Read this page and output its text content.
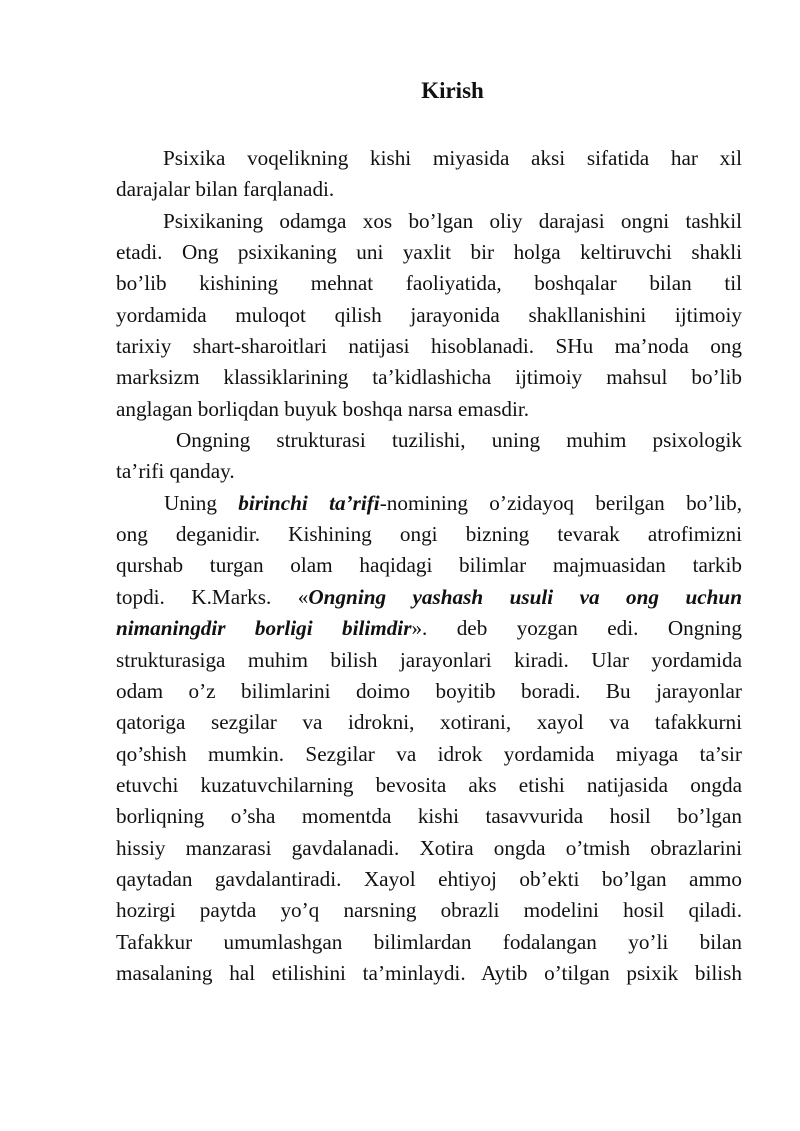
Kirish
Psixika voqelikning kishi miyasida aksi sifatida har xil
darajalar bilan farqlanadi.
Psixikaning odamga xos bo’lgan oliy darajasi ongni tashkil
etadi. Ong psixikaning uni yaxlit bir holga keltiruvchi shakli
bo’lib kishining mehnat faoliyatida, boshqalar bilan til
yordamida muloqot qilish jarayonida shakllanishini ijtimoiy
tarixiy shart-sharoitlari natijasi hisoblanadi. SHu ma’noda ong
marksizm klassiklarining ta’kidlashicha ijtimoiy mahsul bo’lib
anglagan borliqdan buyuk boshqa narsa emasdir.
Ongning strukturasi tuzilishi, uning muhim psixologik
ta’rifi qanday.
Uning birinchi ta’rifi-nomining o’zidayoq berilgan bo’lib,
ong deganidir. Kishining ongi bizning tevarak atrofimizni
qurshab turgan olam haqidagi bilimlar majmuasidan tarkib
topdi. K.Marks. «Ongning yashash usuli va ong uchun
nimaningdir borligi bilimdir». deb yozgan edi. Ongning
strukturasiga muhim bilish jarayonlari kiradi. Ular yordamida
odam o’z bilimlarini doimo boyitib boradi. Bu jarayonlar
qatoriga sezgilar va idrokni, xotirani, xayol va tafakkurni
qo’shish mumkin. Sezgilar va idrok yordamida miyaga ta’sir
etuvchi kuzatuvchilarning bevosita aks etishi natijasida ongda
borliqning o’sha momentda kishi tasavvurida hosil bo’lgan
hissiy manzarasi gavdalanadi. Xotira ongda o’tmish obrazlarini
qaytadan gavdalantiradi. Xayol ehtiyoj ob’ekti bo’lgan ammo
hozirgi paytda yo’q narsning obrazli modelini hosil qiladi.
Tafakkur umumlashgan bilimlardan fodalangan yo’li bilan
masalaning hal etilishini ta’minlaydi. Aytib o’tilgan psixik bilish
